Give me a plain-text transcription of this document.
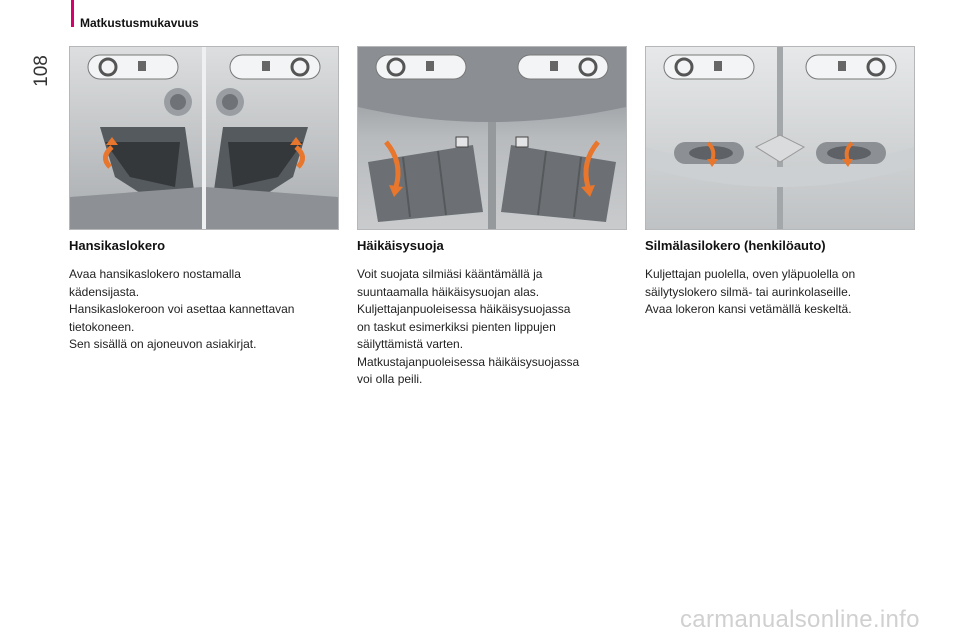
108
Matkustusmukavuus
Hansikaslokero

Avaa hansikaslokero nostamalla

kädensijasta.

Hansikaslokeroon voi asettaa kannettavan

tietokoneen.

Sen sisällä on ajoneuvon asiakirjat.

Häikäisysuoja

Voit suojata silmiäsi kääntämällä ja

suuntaamalla häikäisysuojan alas.

Kuljettajanpuoleisessa häikäisysuojassa

on taskut esimerkiksi pienten lippujen

säilyttämistä varten.

Matkustajanpuoleisessa häikäisysuojassa

voi olla peili.

Silmälasilokero (henkilöauto)

Kuljettajan puolella, oven yläpuolella on

säilytyslokero silmä- tai aurinkolaseille.

Avaa lokeron kansi vetämällä keskeltä.

carmanualsonline.info
